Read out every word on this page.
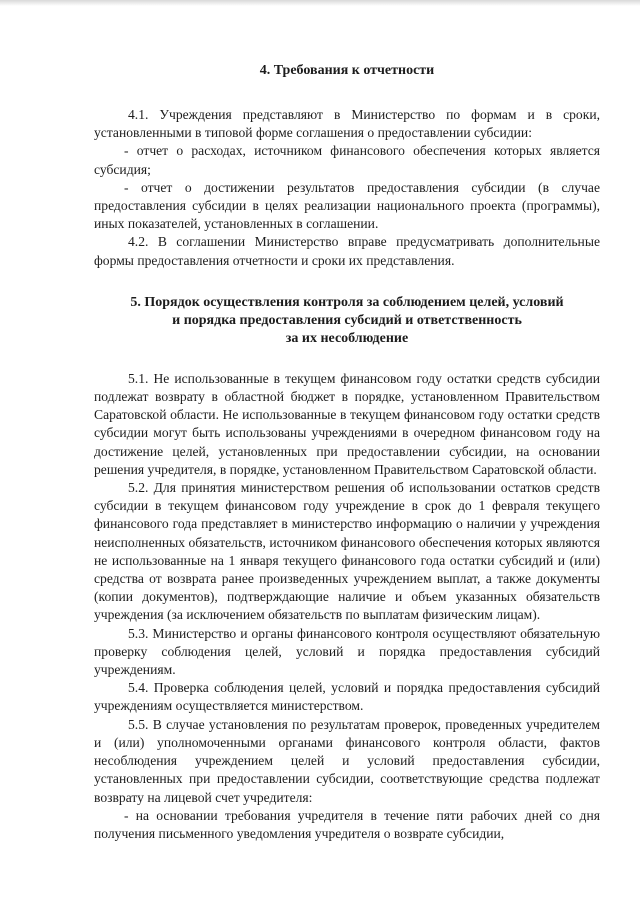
4. Требования к отчетности

4.1. Учреждения представляют в Министерство по формам и в сроки, установленными в типовой форме соглашения о предоставлении субсидии:

- отчет о расходах, источником финансового обеспечения которых является субсидия;

- отчет о достижении результатов предоставления субсидии (в случае предоставления субсидии в целях реализации национального проекта (программы), иных показателей, установленных в соглашении.

4.2. В соглашении Министерство вправе предусматривать дополнительные формы предоставления отчетности и сроки их представления.

5. Порядок осуществления контроля за соблюдением целей, условий
и порядка предоставления субсидий и ответственность
за их несоблюдение

5.1. Не использованные в текущем финансовом году остатки средств субсидии подлежат возврату в областной бюджет в порядке, установленном Правительством Саратовской области. Не использованные в текущем финансовом году остатки средств субсидии могут быть использованы учреждениями в очередном финансовом году на достижение целей, установленных при предоставлении субсидии, на основании решения учредителя, в порядке, установленном Правительством Саратовской области.

5.2. Для принятия министерством решения об использовании остатков средств субсидии в текущем финансовом году учреждение в срок до 1 февраля текущего финансового года представляет в министерство информацию о наличии у учреждения неисполненных обязательств, источником финансового обеспечения которых являются не использованные на 1 января текущего финансового года остатки субсидий и (или) средства от возврата ранее произведенных учреждением выплат, а также документы (копии документов), подтверждающие наличие и объем указанных обязательств учреждения (за исключением обязательств по выплатам физическим лицам).

5.3. Министерство и органы финансового контроля осуществляют обязательную проверку соблюдения целей, условий и порядка предоставления субсидий учреждениям.

5.4. Проверка соблюдения целей, условий и порядка предоставления субсидий учреждениям осуществляется министерством.

5.5. В случае установления по результатам проверок, проведенных учредителем и (или) уполномоченными органами финансового контроля области, фактов несоблюдения учреждением целей и условий предоставления субсидии, установленных при предоставлении субсидии, соответствующие средства подлежат возврату на лицевой счет учредителя:

- на основании требования учредителя в течение пяти рабочих дней со дня получения письменного уведомления учредителя о возврате субсидии,
